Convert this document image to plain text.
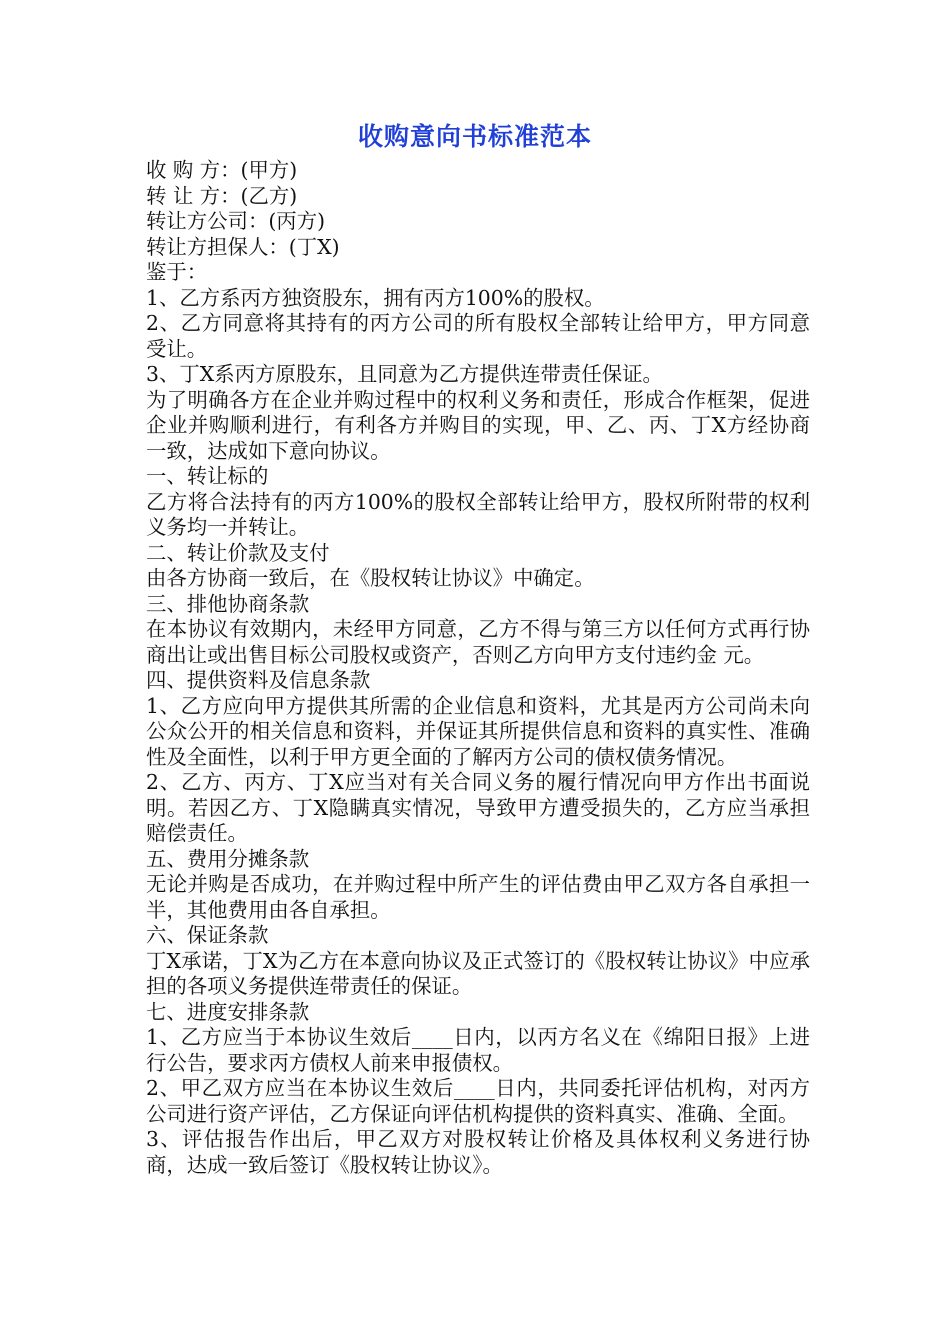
收购意向书标准范本

收 购 方：(甲方)

转 让 方：(乙方)

转让方公司：(丙方)

转让方担保人：(丁X)

鉴于：

1、乙方系丙方独资股东，拥有丙方100%的股权。

2、乙方同意将其持有的丙方公司的所有股权全部转让给甲方，甲方同意受让。

3、丁X系丙方原股东，且同意为乙方提供连带责任保证。

为了明确各方在企业并购过程中的权利义务和责任，形成合作框架，促进企业并购顺利进行，有利各方并购目的实现，甲、乙、丙、丁X方经协商一致，达成如下意向协议。

一、转让标的

乙方将合法持有的丙方100%的股权全部转让给甲方，股权所附带的权利义务均一并转让。

二、转让价款及支付

由各方协商一致后，在《股权转让协议》中确定。

三、排他协商条款

在本协议有效期内，未经甲方同意，乙方不得与第三方以任何方式再行协商出让或出售目标公司股权或资产，否则乙方向甲方支付违约金 元。

四、提供资料及信息条款

1、乙方应向甲方提供其所需的企业信息和资料，尤其是丙方公司尚未向公众公开的相关信息和资料，并保证其所提供信息和资料的真实性、准确性及全面性，以利于甲方更全面的了解丙方公司的债权债务情况。

2、乙方、丙方、丁X应当对有关合同义务的履行情况向甲方作出书面说明。若因乙方、丁X隐瞒真实情况，导致甲方遭受损失的，乙方应当承担赔偿责任。

五、费用分摊条款

无论并购是否成功，在并购过程中所产生的评估费由甲乙双方各自承担一半，其他费用由各自承担。

六、保证条款

丁X承诺，丁X为乙方在本意向协议及正式签订的《股权转让协议》中应承担的各项义务提供连带责任的保证。

七、进度安排条款

1、乙方应当于本协议生效后____日内，以丙方名义在《绵阳日报》上进行公告，要求丙方债权人前来申报债权。

2、甲乙双方应当在本协议生效后____日内，共同委托评估机构，对丙方公司进行资产评估，乙方保证向评估机构提供的资料真实、准确、全面。

3、评估报告作出后，甲乙双方对股权转让价格及具体权利义务进行协商，达成一致后签订《股权转让协议》。
